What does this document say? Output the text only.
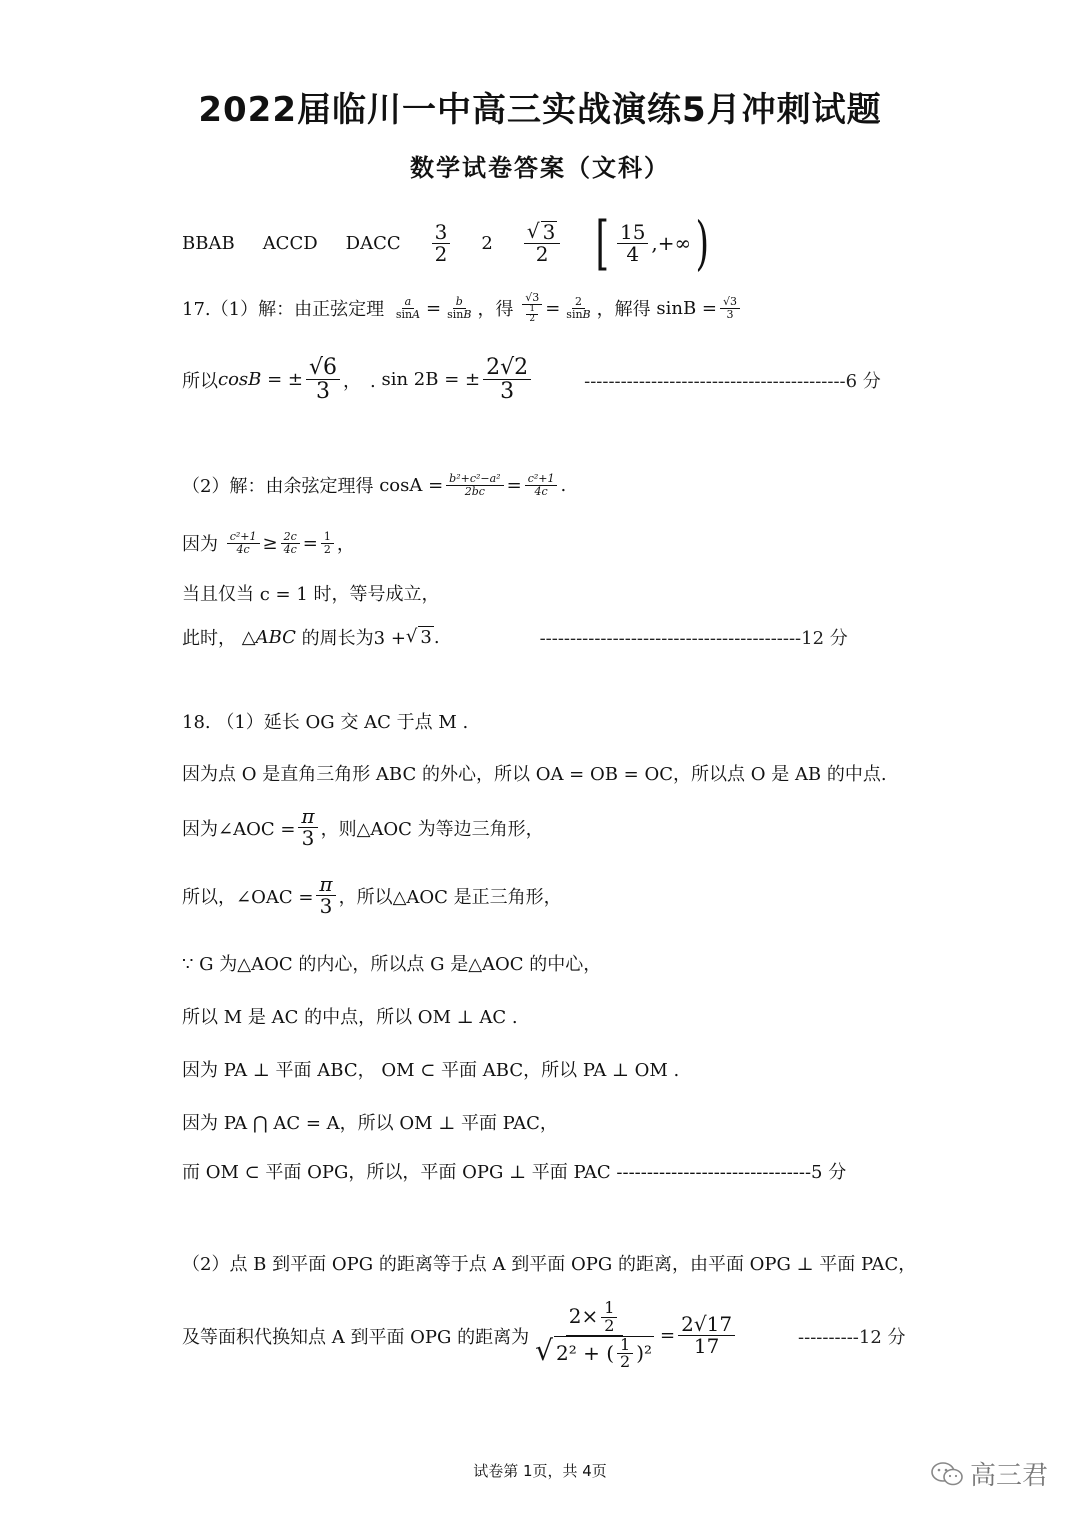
2022届临川一中高三实战演练5月冲刺试题
数学试卷答案（文科）
BBAB ACCD DACC $\frac{3}{2} 2 \frac{√ 3}{2}$ [ $\frac{15}{4}$ ,+∞ )
17.（1）解：由正弦定理
$\frac{a}{\sin A} = \frac{b}{\sin B}$ ，得
$\frac{√3}{\frac{1}{2}} = \frac{2}{\sin B}$ ，解得
$\sin B = \frac{√3}{3}$
所以 cosB = ± $\frac{√6}{3}$ ，　.
sin 2B = ± $\frac{2√2}{3}$	-------------------------------------------6 分
（2）解：由余弦定理得
$\cos A = \frac{\text{b²+c²−a²}}{2bc} = \frac{\text{c²+1}}{4c}$ .
因为
$\frac{\text{c²+1}}{4c} \ge \frac{2c}{4c} = \frac{1}{2}$ ，
当且仅当 c = 1 时，等号成立，
此时，
△ABC
的周长为3 + √ 3 .	-------------------------------------------12 分
18. （1）延长 OG 交 AC 于点 M .
因为点 O 是直角三角形 ABC 的外心，所以 OA = OB = OC，所以点 O 是 AB 的中点.
因为∠AOC = $\frac{\pi}{3}$ ，则△AOC 为等边三角形，
所以，∠OAC = $\frac{\pi}{3}$ ，所以△AOC 是正三角形，
∵ G 为△AOC 的内心，所以点 G 是△AOC 的中心，
所以 M 是 AC 的中点，所以 OM ⊥ AC .
因为 PA ⊥ 平面 ABC， OM ⊂ 平面 ABC，所以 PA ⊥ OM .
因为 PA ⋂ AC = A，所以 OM ⊥ 平面 PAC，
而 OM ⊂ 平面 OPG，所以，平面 OPG ⊥ 平面 PAC --------------------------------5 分
（2）点 B 到平面 OPG 的距离等于点 A 到平面 OPG 的距离，由平面 OPG ⊥ 平面 PAC，
及等面积代换知点 A 到平面 OPG 的距离为 $\frac{2\times \frac{1}{2}}{√ 2^2 + ( \frac{1}{2} )^2} = \frac{2√17}{17}$	----------12 分
试卷第 1页，共 4页	高三君
